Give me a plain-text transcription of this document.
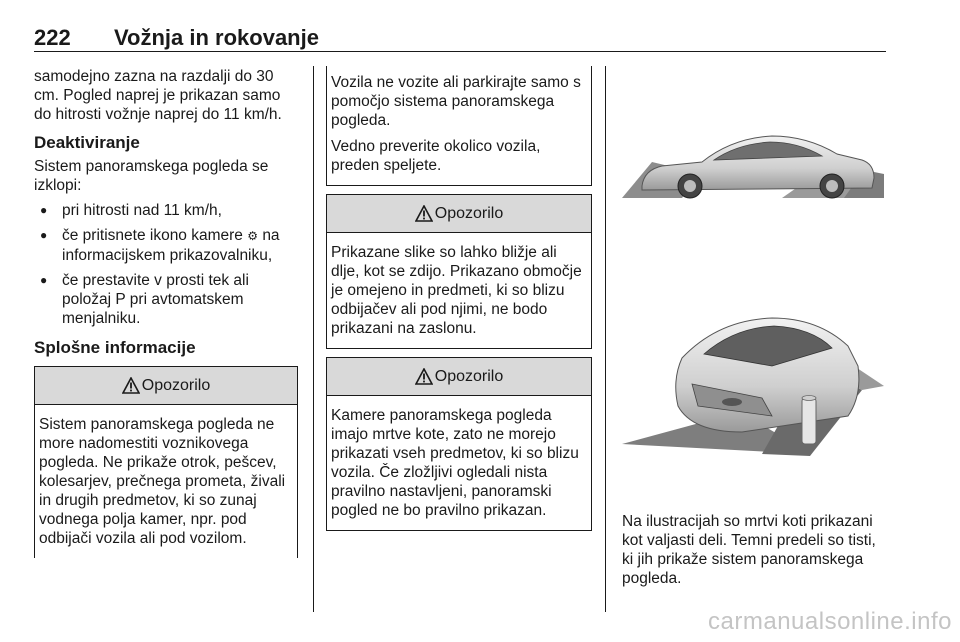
222 Vožnja in rokovanje

samodejno zazna na razdalji do 30 cm. Pogled naprej je prikazan samo do hitrosti vožnje naprej do 11 km/h.

Deaktiviranje

Sistem panoramskega pogleda se izklopi:

● pri hitrosti nad 11 km/h,
● če pritisnete ikono kamere ⚙ na informacijskem prikazovalniku,
● če prestavite v prosti tek ali položaj P pri avtomatskem menjalniku.
Splošne informacije
Opozorilo

Sistem panoramskega pogleda ne more nadomestiti voznikovega pogleda. Ne prikaže otrok, pešcev, kolesarjev, prečnega prometa, živali in drugih predmetov, ki so zunaj vodnega polja kamer, npr. pod odbijači vozila ali pod vozilom.

Vozila ne vozite ali parkirajte samo s pomočjo sistema panoramskega pogleda.

Vedno preverite okolico vozila, preden speljete.

Opozorilo

Prikazane slike so lahko bližje ali dlje, kot se zdijo. Prikazano območje je omejeno in predmeti, ki so blizu odbijačev ali pod njimi, ne bodo prikazani na zaslonu.

Opozorilo

Kamere panoramskega pogleda imajo mrtve kote, zato ne morejo prikazati vseh predmetov, ki so blizu vozila. Če zložljivi ogledali nista pravilno nastavljeni, panoramski pogled ne bo pravilno prikazan.

Na ilustracijah so mrtvi koti prikazani kot valjasti deli. Temni predeli so tisti, ki jih prikaže sistem panoramskega pogleda.
carmanualsonline.info
